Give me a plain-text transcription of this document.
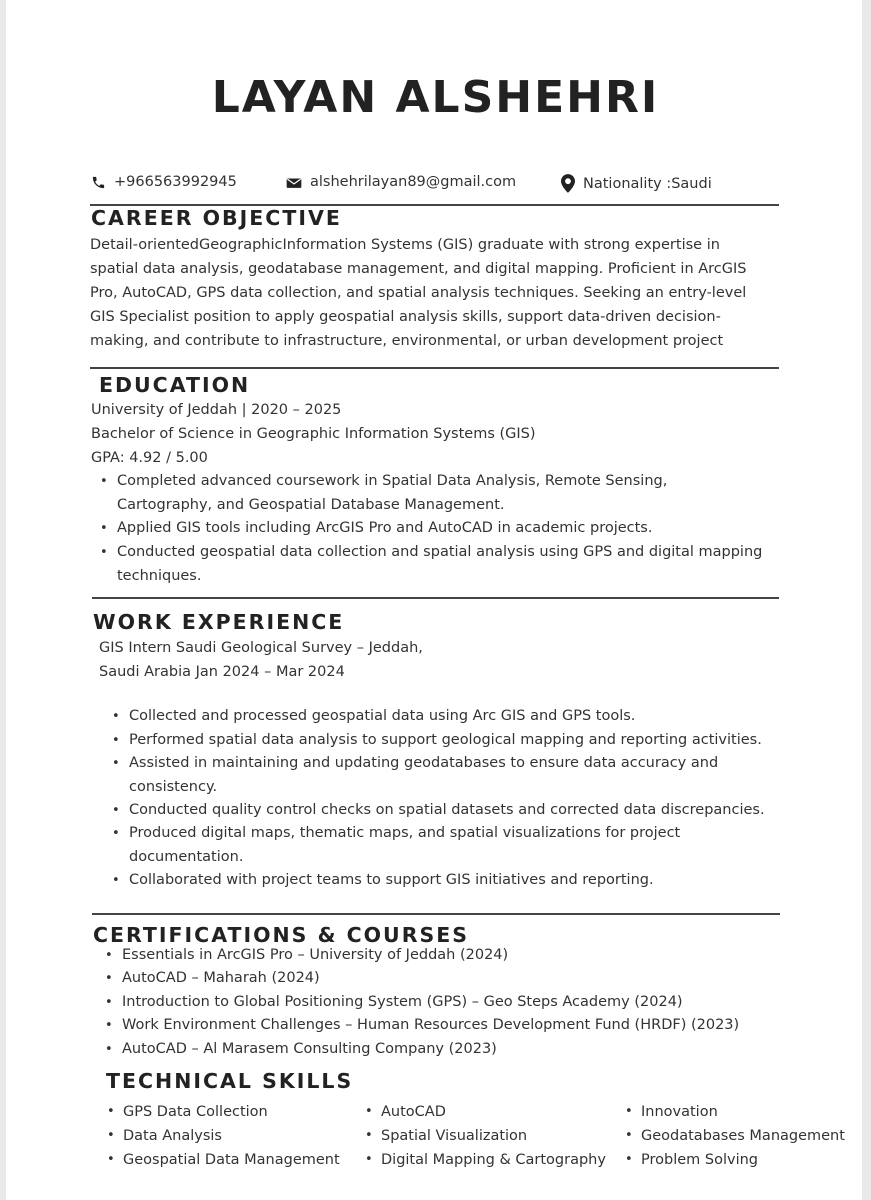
LAYAN ALSHEHRI
+966563992945	alshehrilayan89@gmail.com	Nationality :Saudi
CAREER OBJECTIVE
Detail-orientedGeographicInformation Systems (GIS) graduate with strong expertise in
spatial data analysis, geodatabase management, and digital mapping. Proficient in ArcGIS
Pro, AutoCAD, GPS data collection, and spatial analysis techniques. Seeking an entry-level
GIS Specialist position to apply geospatial analysis skills, support data-driven decision-
making, and contribute to infrastructure, environmental, or urban development project
EDUCATION
University of Jeddah | 2020 – 2025
Bachelor of Science in Geographic Information Systems (GIS)
GPA: 4.92 / 5.00
• Completed advanced coursework in Spatial Data Analysis, Remote Sensing,
Cartography, and Geospatial Database Management.
• Applied GIS tools including ArcGIS Pro and AutoCAD in academic projects.
• Conducted geospatial data collection and spatial analysis using GPS and digital mapping
techniques.
WORK EXPERIENCE
GIS Intern Saudi Geological Survey – Jeddah,
Saudi Arabia Jan 2024 – Mar 2024
• Collected and processed geospatial data using Arc GIS and GPS tools.
• Performed spatial data analysis to support geological mapping and reporting activities.
• Assisted in maintaining and updating geodatabases to ensure data accuracy and
consistency.
• Conducted quality control checks on spatial datasets and corrected data discrepancies.
• Produced digital maps, thematic maps, and spatial visualizations for project
documentation.
• Collaborated with project teams to support GIS initiatives and reporting.
CERTIFICATIONS & COURSES
• Essentials in ArcGIS Pro – University of Jeddah (2024)
• AutoCAD – Maharah (2024)
• Introduction to Global Positioning System (GPS) – Geo Steps Academy (2024)
• Work Environment Challenges – Human Resources Development Fund (HRDF) (2023)
• AutoCAD – Al Marasem Consulting Company (2023)
TECHNICAL SKILLS
• GPS Data Collection
• Data Analysis
• Geospatial Data Management
• AutoCAD
• Spatial Visualization
• Digital Mapping & Cartography
• Innovation
• Geodatabases Management
• Problem Solving
